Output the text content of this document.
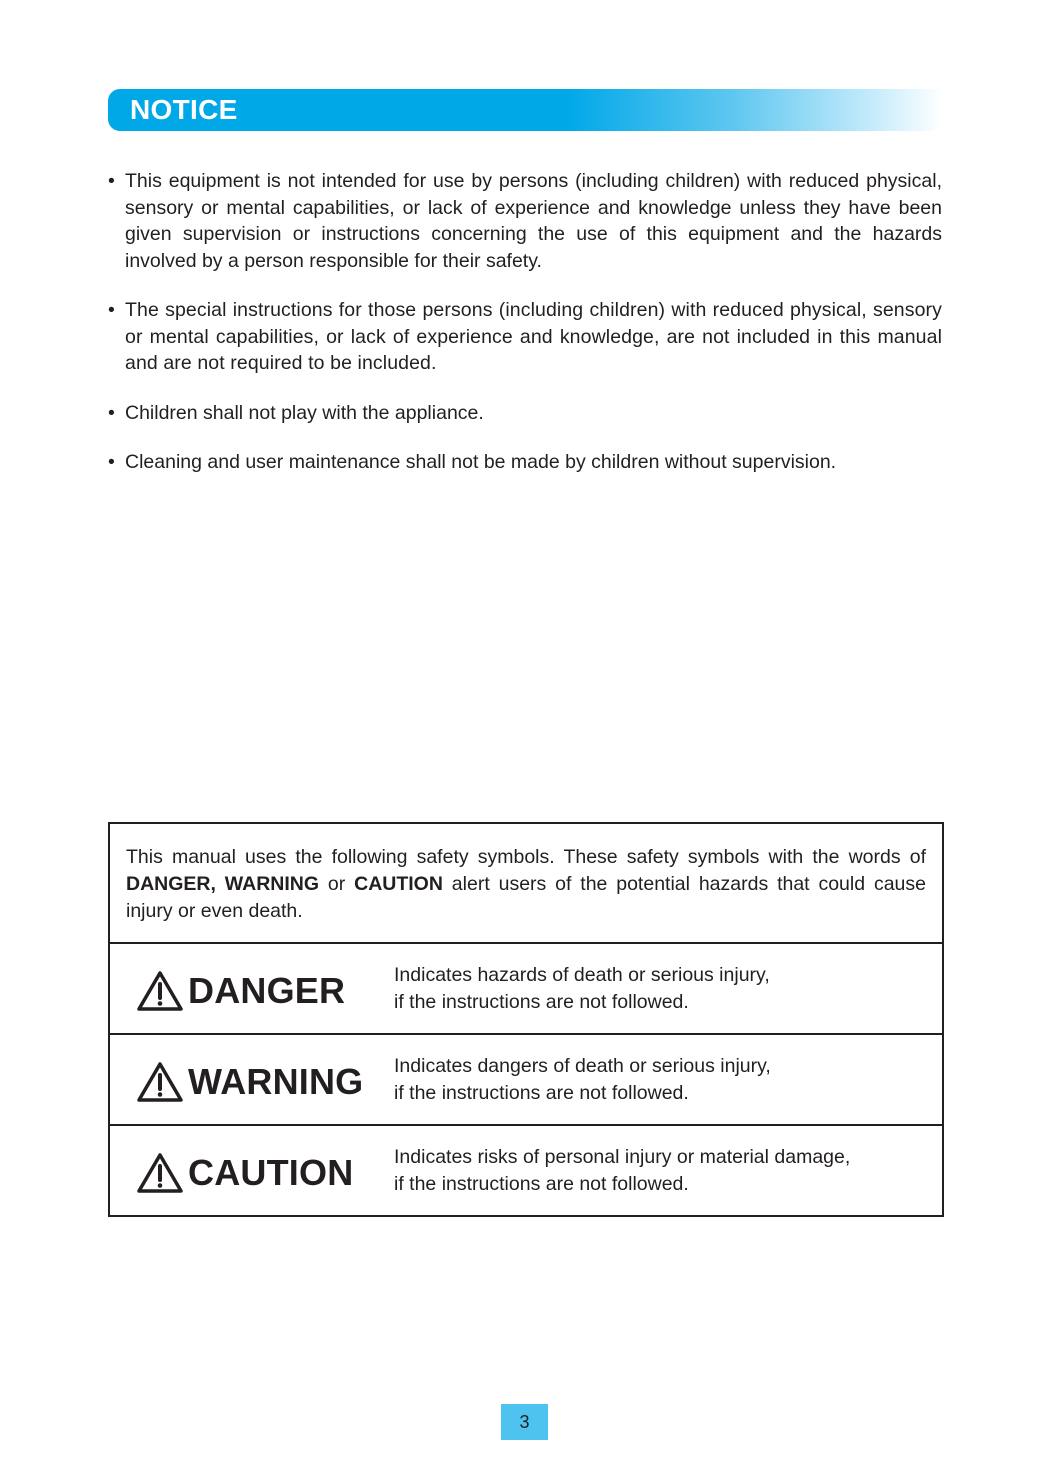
NOTICE
• This equipment is not intended for use by persons (including children) with reduced physical, sensory or mental capabilities, or lack of experience and knowledge unless they have been given supervision or instructions concerning the use of this equipment and the hazards involved by a person responsible for their safety.
• The special instructions for those persons (including children) with reduced physical, sensory or mental capabilities, or lack of experience and knowledge, are not included in this manual and are not required to be included.
• Children shall not play with the appliance.
• Cleaning and user maintenance shall not be made by children without supervision.
This manual uses the following safety symbols. These safety symbols with the words of DANGER, WARNING or CAUTION alert users of the potential hazards that could cause injury or even death.
DANGER	Indicates hazards of death or serious injury,
if the instructions are not followed.
WARNING Indicates dangers of death or serious injury,
if the instructions are not followed.
CAUTION Indicates risks of personal injury or material damage,
if the instructions are not followed.
3
